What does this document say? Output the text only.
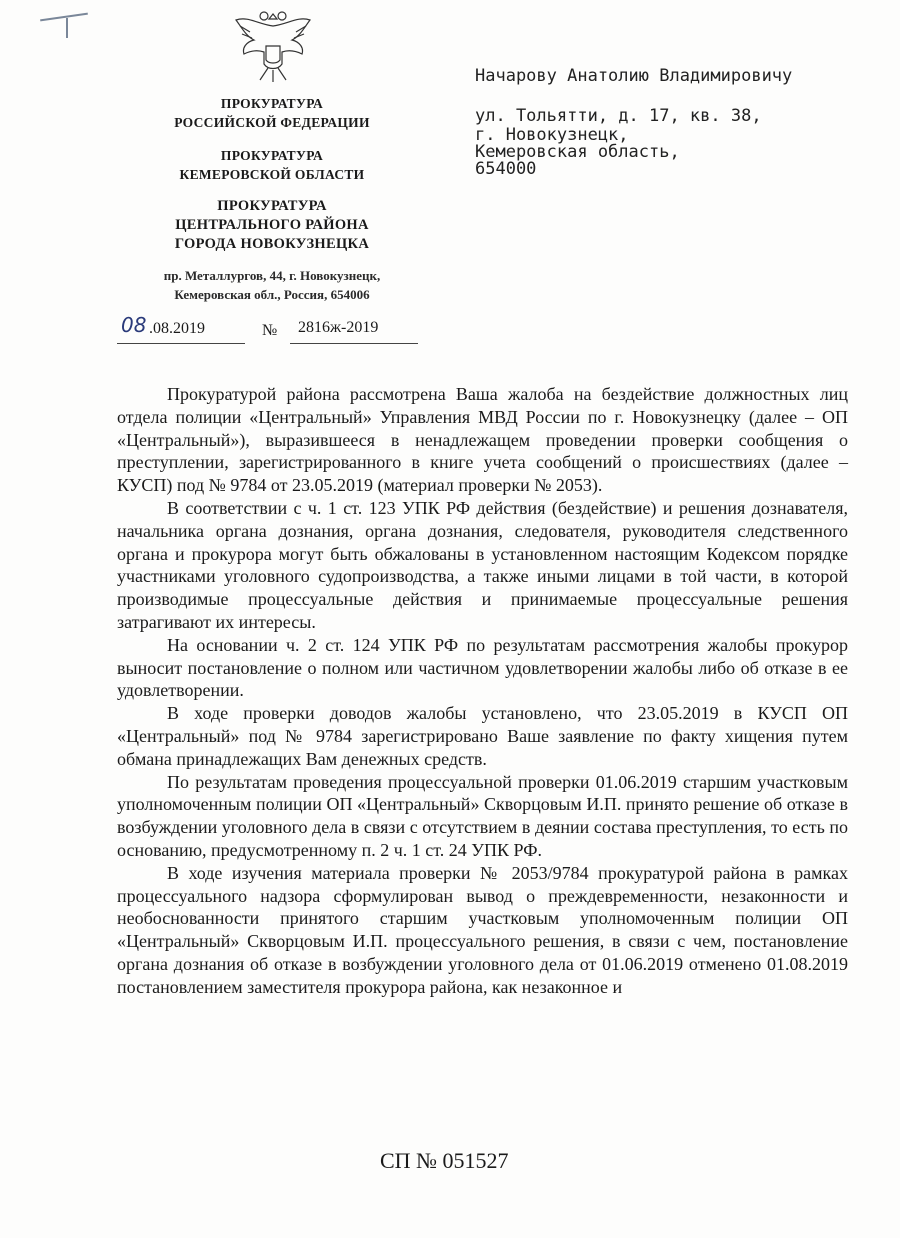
ПРОКУРАТУРА
РОССИЙСКОЙ ФЕДЕРАЦИИ
ПРОКУРАТУРА
КЕМЕРОВСКОЙ ОБЛАСТИ
ПРОКУРАТУРА
ЦЕНТРАЛЬНОГО РАЙОНА
ГОРОДА НОВОКУЗНЕЦКА
пр. Металлургов, 44, г. Новокузнецк,
Кемеровская обл., Россия, 654006
08 .08.2019	№ 2816ж-2019
Начарову Анатолию Владимировичу
ул. Тольятти, д. 17, кв. 38,
г. Новокузнецк,
Кемеровская область,
654000

Прокуратурой района рассмотрена Ваша жалоба на бездействие должностных лиц отдела полиции «Центральный» Управления МВД России по г. Новокузнецку (далее – ОП «Центральный»), выразившееся в ненадлежащем проведении проверки сообщения о преступлении, зарегистрированного в книге учета сообщений о происшествиях (далее – КУСП) под № 9784 от 23.05.2019 (материал проверки № 2053).

В соответствии с ч. 1 ст. 123 УПК РФ действия (бездействие) и решения дознавателя, начальника органа дознания, органа дознания, следователя, руководителя следственного органа и прокурора могут быть обжалованы в установленном настоящим Кодексом порядке участниками уголовного судопроизводства, а также иными лицами в той части, в которой производимые процессуальные действия и принимаемые процессуальные решения затрагивают их интересы.

На основании ч. 2 ст. 124 УПК РФ по результатам рассмотрения жалобы прокурор выносит постановление о полном или частичном удовлетворении жалобы либо об отказе в ее удовлетворении.

В ходе проверки доводов жалобы установлено, что 23.05.2019 в КУСП ОП «Центральный» под № 9784 зарегистрировано Ваше заявление по факту хищения путем обмана принадлежащих Вам денежных средств.

По результатам проведения процессуальной проверки 01.06.2019 старшим участковым уполномоченным полиции ОП «Центральный» Скворцовым И.П. принято решение об отказе в возбуждении уголовного дела в связи с отсутствием в деянии состава преступления, то есть по основанию, предусмотренному п. 2 ч. 1 ст. 24 УПК РФ.

В ходе изучения материала проверки № 2053/9784 прокуратурой района в рамках процессуального надзора сформулирован вывод о преждевременности, незаконности и необоснованности принятого старшим участковым уполномоченным полиции ОП «Центральный» Скворцовым И.П. процессуального решения, в связи с чем, постановление органа дознания об отказе в возбуждении уголовного дела от 01.06.2019 отменено 01.08.2019 постановлением заместителя прокурора района, как незаконное и

СП № 051527
